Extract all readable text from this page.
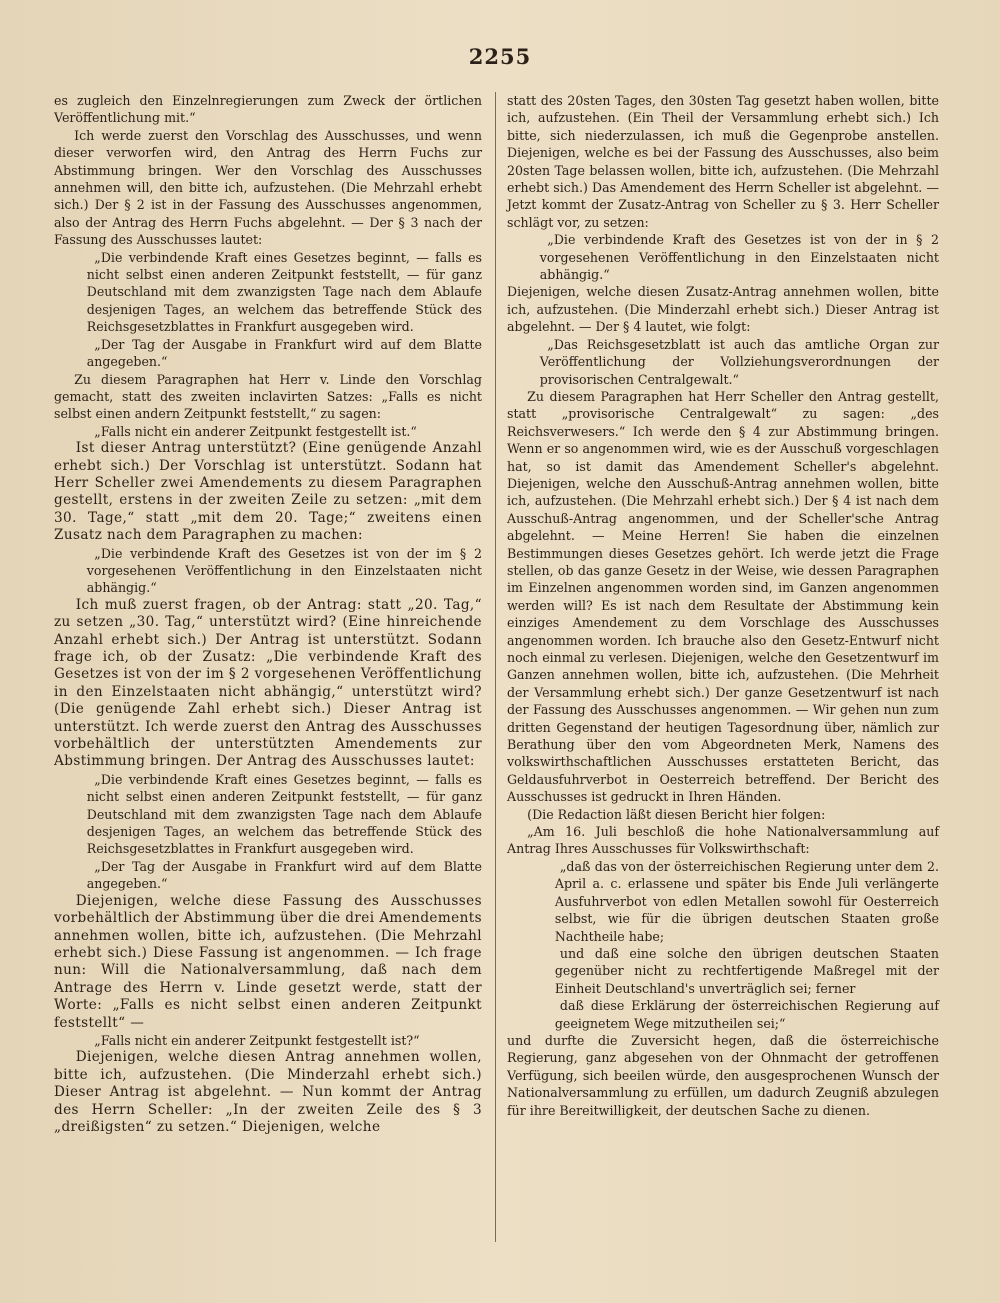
2255

es zugleich den Einzelnregierungen zum Zweck der örtlichen Veröffentlichung mit.“

Ich werde zuerst den Vorschlag des Ausschusses, und wenn dieser verworfen wird, den Antrag des Herrn Fuchs zur Abstimmung bringen. Wer den Vorschlag des Ausschusses annehmen will, den bitte ich, aufzustehen. (Die Mehrzahl erhebt sich.) Der § 2 ist in der Fassung des Ausschusses angenommen, also der Antrag des Herrn Fuchs abgelehnt. — Der § 3 nach der Fassung des Ausschusses lautet:

„Die verbindende Kraft eines Gesetzes beginnt, — falls es nicht selbst einen anderen Zeitpunkt feststellt, — für ganz Deutschland mit dem zwanzigsten Tage nach dem Ablaufe desjenigen Tages, an welchem das betreffende Stück des Reichsgesetzblattes in Frankfurt ausgegeben wird.

„Der Tag der Ausgabe in Frankfurt wird auf dem Blatte angegeben.“

Zu diesem Paragraphen hat Herr v. Linde den Vorschlag gemacht, statt des zweiten inclavirten Satzes: „Falls es nicht selbst einen andern Zeitpunkt feststellt,“ zu sagen:

„Falls nicht ein anderer Zeitpunkt festgestellt ist.“

Ist dieser Antrag unterstützt? (Eine genügende Anzahl erhebt sich.) Der Vorschlag ist unterstützt. Sodann hat Herr Scheller zwei Amendements zu diesem Paragraphen gestellt, erstens in der zweiten Zeile zu setzen: „mit dem 30. Tage,“ statt „mit dem 20. Tage;“ zweitens einen Zusatz nach dem Paragraphen zu machen:

„Die verbindende Kraft des Gesetzes ist von der im § 2 vorgesehenen Veröffentlichung in den Einzelstaaten nicht abhängig.“

Ich muß zuerst fragen, ob der Antrag: statt „20. Tag,“ zu setzen „30. Tag,“ unterstützt wird? (Eine hinreichende Anzahl erhebt sich.) Der Antrag ist unterstützt. Sodann frage ich, ob der Zusatz: „Die verbindende Kraft des Gesetzes ist von der im § 2 vorgesehenen Veröffentlichung in den Einzelstaaten nicht abhängig,“ unterstützt wird? (Die genügende Zahl erhebt sich.) Dieser Antrag ist unterstützt. Ich werde zuerst den Antrag des Ausschusses vorbehältlich der unterstützten Amendements zur Abstimmung bringen. Der Antrag des Ausschusses lautet:

„Die verbindende Kraft eines Gesetzes beginnt, — falls es nicht selbst einen anderen Zeitpunkt feststellt, — für ganz Deutschland mit dem zwanzigsten Tage nach dem Ablaufe desjenigen Tages, an welchem das betreffende Stück des Reichsgesetzblattes in Frankfurt ausgegeben wird.

„Der Tag der Ausgabe in Frankfurt wird auf dem Blatte angegeben.“

Diejenigen, welche diese Fassung des Ausschusses vorbehältlich der Abstimmung über die drei Amendements annehmen wollen, bitte ich, aufzustehen. (Die Mehrzahl erhebt sich.) Diese Fassung ist angenommen. — Ich frage nun: Will die Nationalversammlung, daß nach dem Antrage des Herrn v. Linde gesetzt werde, statt der Worte: „Falls es nicht selbst einen anderen Zeitpunkt feststellt“ —

„Falls nicht ein anderer Zeitpunkt festgestellt ist?“

Diejenigen, welche diesen Antrag annehmen wollen, bitte ich, aufzustehen. (Die Minderzahl erhebt sich.) Dieser Antrag ist abgelehnt. — Nun kommt der Antrag des Herrn Scheller: „In der zweiten Zeile des § 3 „dreißigsten“ zu setzen.“ Diejenigen, welche

statt des 20sten Tages, den 30sten Tag gesetzt haben wollen, bitte ich, aufzustehen. (Ein Theil der Versammlung erhebt sich.) Ich bitte, sich niederzulassen, ich muß die Gegenprobe anstellen. Diejenigen, welche es bei der Fassung des Ausschusses, also beim 20sten Tage belassen wollen, bitte ich, aufzustehen. (Die Mehrzahl erhebt sich.) Das Amendement des Herrn Scheller ist abgelehnt. — Jetzt kommt der Zusatz-Antrag von Scheller zu § 3. Herr Scheller schlägt vor, zu setzen:

„Die verbindende Kraft des Gesetzes ist von der in § 2 vorgesehenen Veröffentlichung in den Einzelstaaten nicht abhängig.“

Diejenigen, welche diesen Zusatz-Antrag annehmen wollen, bitte ich, aufzustehen. (Die Minderzahl erhebt sich.) Dieser Antrag ist abgelehnt. — Der § 4 lautet, wie folgt:

„Das Reichsgesetzblatt ist auch das amtliche Organ zur Veröffentlichung der Vollziehungsverordnungen der provisorischen Centralgewalt.“

Zu diesem Paragraphen hat Herr Scheller den Antrag gestellt, statt „provisorische Centralgewalt“ zu sagen: „des Reichsverwesers.“ Ich werde den § 4 zur Abstimmung bringen. Wenn er so angenommen wird, wie es der Ausschuß vorgeschlagen hat, so ist damit das Amendement Scheller's abgelehnt. Diejenigen, welche den Ausschuß-Antrag annehmen wollen, bitte ich, aufzustehen. (Die Mehrzahl erhebt sich.) Der § 4 ist nach dem Ausschuß-Antrag angenommen, und der Scheller'sche Antrag abgelehnt. — Meine Herren! Sie haben die einzelnen Bestimmungen dieses Gesetzes gehört. Ich werde jetzt die Frage stellen, ob das ganze Gesetz in der Weise, wie dessen Paragraphen im Einzelnen angenommen worden sind, im Ganzen angenommen werden will? Es ist nach dem Resultate der Abstimmung kein einziges Amendement zu dem Vorschlage des Ausschusses angenommen worden. Ich brauche also den Gesetz-Entwurf nicht noch einmal zu verlesen. Diejenigen, welche den Gesetzentwurf im Ganzen annehmen wollen, bitte ich, aufzustehen. (Die Mehrheit der Versammlung erhebt sich.) Der ganze Gesetzentwurf ist nach der Fassung des Ausschusses angenommen. — Wir gehen nun zum dritten Gegenstand der heutigen Tagesordnung über, nämlich zur Berathung über den vom Abgeordneten Merk, Namens des volkswirthschaftlichen Ausschusses erstatteten Bericht, das Geldausfuhrverbot in Oesterreich betreffend. Der Bericht des Ausschusses ist gedruckt in Ihren Händen.

(Die Redaction läßt diesen Bericht hier folgen:

„Am 16. Juli beschloß die hohe Nationalversammlung auf Antrag Ihres Ausschusses für Volkswirthschaft:

„daß das von der österreichischen Regierung unter dem 2. April a. c. erlassene und später bis Ende Juli verlängerte Ausfuhrverbot von edlen Metallen sowohl für Oesterreich selbst, wie für die übrigen deutschen Staaten große Nachtheile habe;

und daß eine solche den übrigen deutschen Staaten gegenüber nicht zu rechtfertigende Maßregel mit der Einheit Deutschland's unverträglich sei; ferner

daß diese Erklärung der österreichischen Regierung auf geeignetem Wege mitzutheilen sei;“

und durfte die Zuversicht hegen, daß die österreichische Regierung, ganz abgesehen von der Ohnmacht der getroffenen Verfügung, sich beeilen würde, den ausgesprochenen Wunsch der Nationalversammlung zu erfüllen, um dadurch Zeugniß abzulegen für ihre Bereitwilligkeit, der deutschen Sache zu dienen.
